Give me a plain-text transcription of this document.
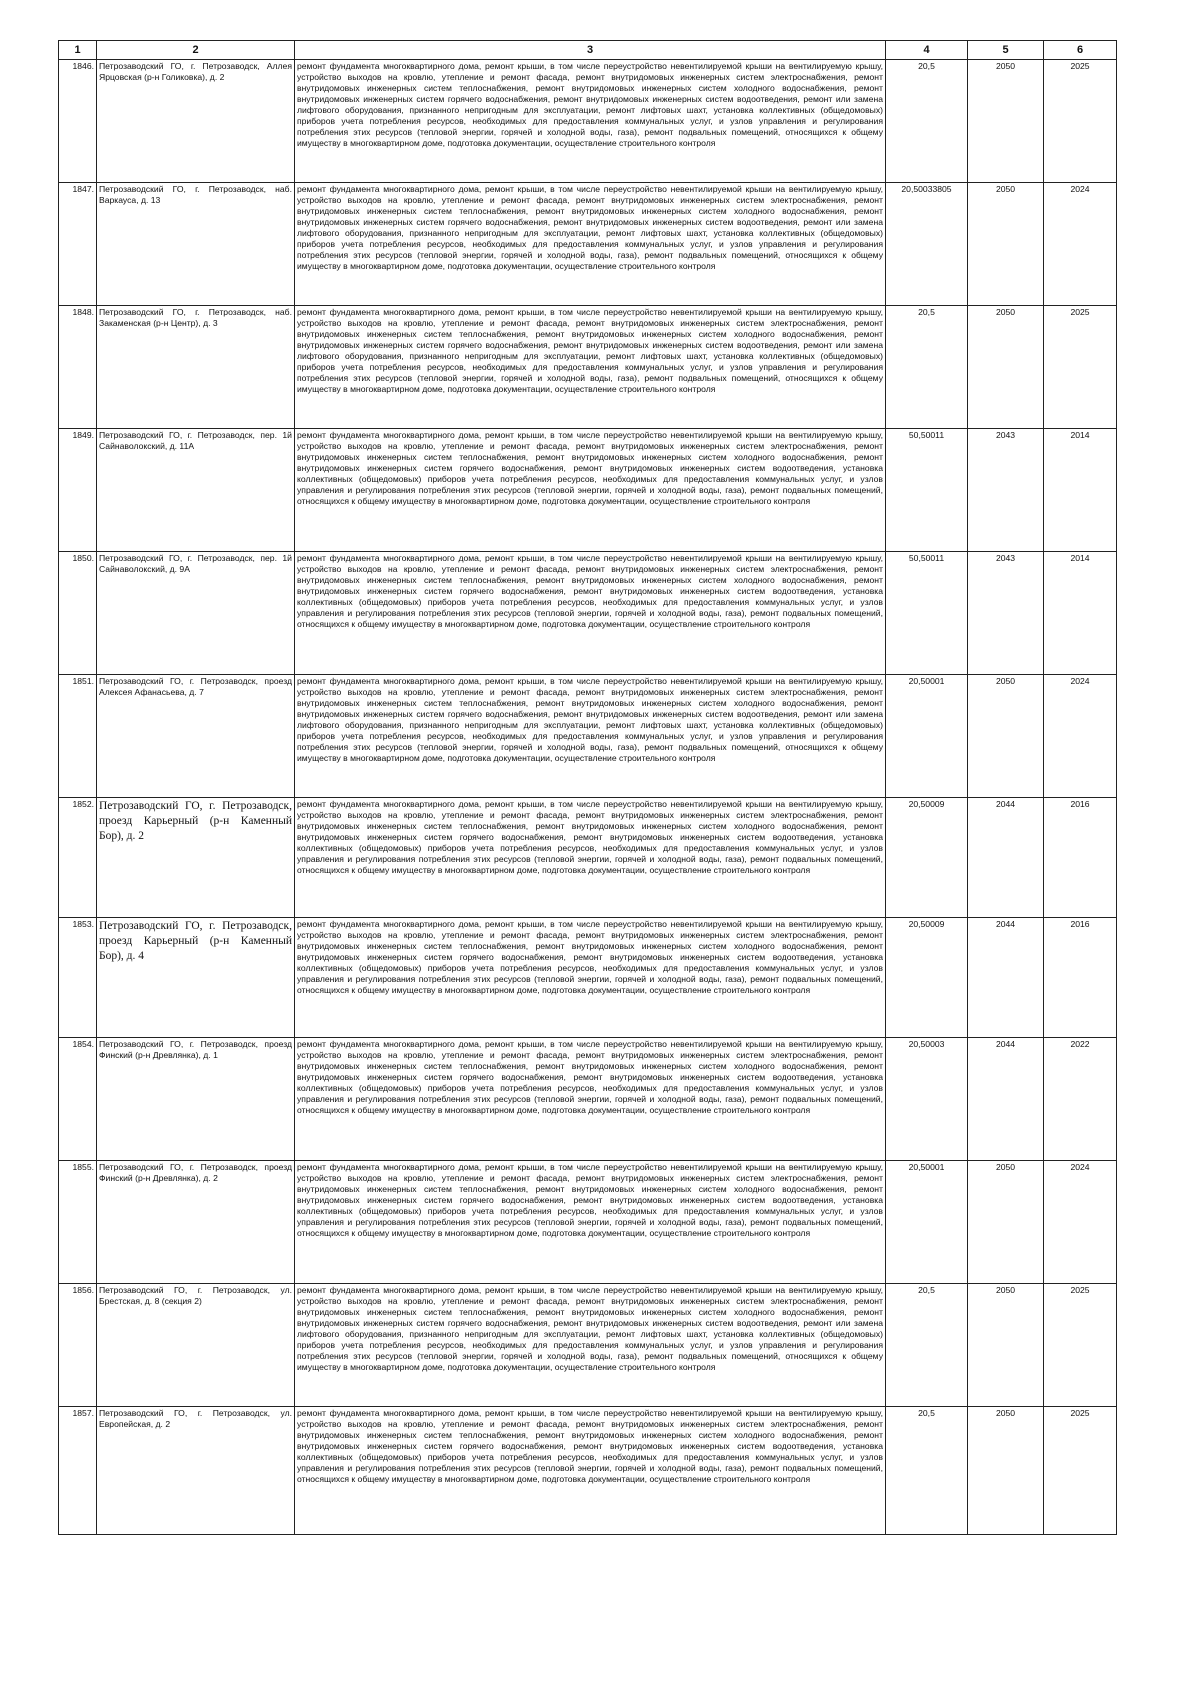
1	2	3	4	5	6
1846.	Петрозаводский ГО, г. Петрозаводск, Аллея Ярцовская (р-н Голиковка), д. 2	ремонт фундамента многоквартирного дома, ремонт крыши, в том числе переустройство невентилируемой крыши на вентилируемую крышу, устройство выходов на кровлю, утепление и ремонт фасада, ремонт внутридомовых инженерных систем электроснабжения, ремонт внутридомовых инженерных систем теплоснабжения, ремонт внутридомовых инженерных систем холодного водоснабжения, ремонт внутридомовых инженерных систем горячего водоснабжения, ремонт внутридомовых инженерных систем водоотведения, ремонт или замена лифтового оборудования, признанного непригодным для эксплуатации, ремонт лифтовых шахт, установка коллективных (общедомовых) приборов учета потребления ресурсов, необходимых для предоставления коммунальных услуг, и узлов управления и регулирования потребления этих ресурсов (тепловой энергии, горячей и холодной воды, газа), ремонт подвальных помещений, относящихся к общему имуществу в многоквартирном доме, подготовка документации, осуществление строительного контроля	20,5	2050	2025
1847.	Петрозаводский ГО, г. Петрозаводск, наб. Варкауса, д. 13	ремонт фундамента многоквартирного дома, ремонт крыши, в том числе переустройство невентилируемой крыши на вентилируемую крышу, устройство выходов на кровлю, утепление и ремонт фасада, ремонт внутридомовых инженерных систем электроснабжения, ремонт внутридомовых инженерных систем теплоснабжения, ремонт внутридомовых инженерных систем холодного водоснабжения, ремонт внутридомовых инженерных систем горячего водоснабжения, ремонт внутридомовых инженерных систем водоотведения, ремонт или замена лифтового оборудования, признанного непригодным для эксплуатации, ремонт лифтовых шахт, установка коллективных (общедомовых) приборов учета потребления ресурсов, необходимых для предоставления коммунальных услуг, и узлов управления и регулирования потребления этих ресурсов (тепловой энергии, горячей и холодной воды, газа), ремонт подвальных помещений, относящихся к общему имуществу в многоквартирном доме, подготовка документации, осуществление строительного контроля	20,50033805	2050	2024
1848.	Петрозаводский ГО, г. Петрозаводск, наб. Закаменская (р-н Центр), д. 3	ремонт фундамента многоквартирного дома, ремонт крыши, в том числе переустройство невентилируемой крыши на вентилируемую крышу, устройство выходов на кровлю, утепление и ремонт фасада, ремонт внутридомовых инженерных систем электроснабжения, ремонт внутридомовых инженерных систем теплоснабжения, ремонт внутридомовых инженерных систем холодного водоснабжения, ремонт внутридомовых инженерных систем горячего водоснабжения, ремонт внутридомовых инженерных систем водоотведения, ремонт или замена лифтового оборудования, признанного непригодным для эксплуатации, ремонт лифтовых шахт, установка коллективных (общедомовых) приборов учета потребления ресурсов, необходимых для предоставления коммунальных услуг, и узлов управления и регулирования потребления этих ресурсов (тепловой энергии, горячей и холодной воды, газа), ремонт подвальных помещений, относящихся к общему имуществу в многоквартирном доме, подготовка документации, осуществление строительного контроля	20,5	2050	2025
1849.	Петрозаводский ГО, г. Петрозаводск, пер. 1й Сайнаволокский, д. 11А	ремонт фундамента многоквартирного дома, ремонт крыши, в том числе переустройство невентилируемой крыши на вентилируемую крышу, устройство выходов на кровлю, утепление и ремонт фасада, ремонт внутридомовых инженерных систем электроснабжения, ремонт внутридомовых инженерных систем теплоснабжения, ремонт внутридомовых инженерных систем холодного водоснабжения, ремонт внутридомовых инженерных систем горячего водоснабжения, ремонт внутридомовых инженерных систем водоотведения, установка коллективных (общедомовых) приборов учета потребления ресурсов, необходимых для предоставления коммунальных услуг, и узлов управления и регулирования потребления этих ресурсов (тепловой энергии, горячей и холодной воды, газа), ремонт подвальных помещений, относящихся к общему имуществу в многоквартирном доме, подготовка документации, осуществление строительного контроля	50,50011	2043	2014
1850.	Петрозаводский ГО, г. Петрозаводск, пер. 1й Сайнаволокский, д. 9А	ремонт фундамента многоквартирного дома, ремонт крыши, в том числе переустройство невентилируемой крыши на вентилируемую крышу, устройство выходов на кровлю, утепление и ремонт фасада, ремонт внутридомовых инженерных систем электроснабжения, ремонт внутридомовых инженерных систем теплоснабжения, ремонт внутридомовых инженерных систем холодного водоснабжения, ремонт внутридомовых инженерных систем горячего водоснабжения, ремонт внутридомовых инженерных систем водоотведения, установка коллективных (общедомовых) приборов учета потребления ресурсов, необходимых для предоставления коммунальных услуг, и узлов управления и регулирования потребления этих ресурсов (тепловой энергии, горячей и холодной воды, газа), ремонт подвальных помещений, относящихся к общему имуществу в многоквартирном доме, подготовка документации, осуществление строительного контроля	50,50011	2043	2014
1851.	Петрозаводский ГО, г. Петрозаводск, проезд Алексея Афанасьева, д. 7	ремонт фундамента многоквартирного дома, ремонт крыши, в том числе переустройство невентилируемой крыши на вентилируемую крышу, устройство выходов на кровлю, утепление и ремонт фасада, ремонт внутридомовых инженерных систем электроснабжения, ремонт внутридомовых инженерных систем теплоснабжения, ремонт внутридомовых инженерных систем холодного водоснабжения, ремонт внутридомовых инженерных систем горячего водоснабжения, ремонт внутридомовых инженерных систем водоотведения, ремонт или замена лифтового оборудования, признанного непригодным для эксплуатации, ремонт лифтовых шахт, установка коллективных (общедомовых) приборов учета потребления ресурсов, необходимых для предоставления коммунальных услуг, и узлов управления и регулирования потребления этих ресурсов (тепловой энергии, горячей и холодной воды, газа), ремонт подвальных помещений, относящихся к общему имуществу в многоквартирном доме, подготовка документации, осуществление строительного контроля	20,50001	2050	2024
1852.	Петрозаводский ГО, г. Петрозаводск, проезд Карьерный (р-н Каменный Бор), д. 2	ремонт фундамента многоквартирного дома, ремонт крыши, в том числе переустройство невентилируемой крыши на вентилируемую крышу, устройство выходов на кровлю, утепление и ремонт фасада, ремонт внутридомовых инженерных систем электроснабжения, ремонт внутридомовых инженерных систем теплоснабжения, ремонт внутридомовых инженерных систем холодного водоснабжения, ремонт внутридомовых инженерных систем горячего водоснабжения, ремонт внутридомовых инженерных систем водоотведения, установка коллективных (общедомовых) приборов учета потребления ресурсов, необходимых для предоставления коммунальных услуг, и узлов управления и регулирования потребления этих ресурсов (тепловой энергии, горячей и холодной воды, газа), ремонт подвальных помещений, относящихся к общему имуществу в многоквартирном доме, подготовка документации, осуществление строительного контроля	20,50009	2044	2016
1853.	Петрозаводский ГО, г. Петрозаводск, проезд Карьерный (р-н Каменный Бор), д. 4	ремонт фундамента многоквартирного дома, ремонт крыши, в том числе переустройство невентилируемой крыши на вентилируемую крышу, устройство выходов на кровлю, утепление и ремонт фасада, ремонт внутридомовых инженерных систем электроснабжения, ремонт внутридомовых инженерных систем теплоснабжения, ремонт внутридомовых инженерных систем холодного водоснабжения, ремонт внутридомовых инженерных систем горячего водоснабжения, ремонт внутридомовых инженерных систем водоотведения, установка коллективных (общедомовых) приборов учета потребления ресурсов, необходимых для предоставления коммунальных услуг, и узлов управления и регулирования потребления этих ресурсов (тепловой энергии, горячей и холодной воды, газа), ремонт подвальных помещений, относящихся к общему имуществу в многоквартирном доме, подготовка документации, осуществление строительного контроля	20,50009	2044	2016
1854.	Петрозаводский ГО, г. Петрозаводск, проезд Финский (р-н Древлянка), д. 1	ремонт фундамента многоквартирного дома, ремонт крыши, в том числе переустройство невентилируемой крыши на вентилируемую крышу, устройство выходов на кровлю, утепление и ремонт фасада, ремонт внутридомовых инженерных систем электроснабжения, ремонт внутридомовых инженерных систем теплоснабжения, ремонт внутридомовых инженерных систем холодного водоснабжения, ремонт внутридомовых инженерных систем горячего водоснабжения, ремонт внутридомовых инженерных систем водоотведения, установка коллективных (общедомовых) приборов учета потребления ресурсов, необходимых для предоставления коммунальных услуг, и узлов управления и регулирования потребления этих ресурсов (тепловой энергии, горячей и холодной воды, газа), ремонт подвальных помещений, относящихся к общему имуществу в многоквартирном доме, подготовка документации, осуществление строительного контроля	20,50003	2044	2022
1855.	Петрозаводский ГО, г. Петрозаводск, проезд Финский (р-н Древлянка), д. 2	ремонт фундамента многоквартирного дома, ремонт крыши, в том числе переустройство невентилируемой крыши на вентилируемую крышу, устройство выходов на кровлю, утепление и ремонт фасада, ремонт внутридомовых инженерных систем электроснабжения, ремонт внутридомовых инженерных систем теплоснабжения, ремонт внутридомовых инженерных систем холодного водоснабжения, ремонт внутридомовых инженерных систем горячего водоснабжения, ремонт внутридомовых инженерных систем водоотведения, установка коллективных (общедомовых) приборов учета потребления ресурсов, необходимых для предоставления коммунальных услуг, и узлов управления и регулирования потребления этих ресурсов (тепловой энергии, горячей и холодной воды, газа), ремонт подвальных помещений, относящихся к общему имуществу в многоквартирном доме, подготовка документации, осуществление строительного контроля	20,50001	2050	2024
1856.	Петрозаводский ГО, г. Петрозаводск, ул. Брестская, д. 8 (секция 2)	ремонт фундамента многоквартирного дома, ремонт крыши, в том числе переустройство невентилируемой крыши на вентилируемую крышу, устройство выходов на кровлю, утепление и ремонт фасада, ремонт внутридомовых инженерных систем электроснабжения, ремонт внутридомовых инженерных систем теплоснабжения, ремонт внутридомовых инженерных систем холодного водоснабжения, ремонт внутридомовых инженерных систем горячего водоснабжения, ремонт внутридомовых инженерных систем водоотведения, ремонт или замена лифтового оборудования, признанного непригодным для эксплуатации, ремонт лифтовых шахт, установка коллективных (общедомовых) приборов учета потребления ресурсов, необходимых для предоставления коммунальных услуг, и узлов управления и регулирования потребления этих ресурсов (тепловой энергии, горячей и холодной воды, газа), ремонт подвальных помещений, относящихся к общему имуществу в многоквартирном доме, подготовка документации, осуществление строительного контроля	20,5	2050	2025
1857.	Петрозаводский ГО, г. Петрозаводск, ул. Европейская, д. 2	ремонт фундамента многоквартирного дома, ремонт крыши, в том числе переустройство невентилируемой крыши на вентилируемую крышу, устройство выходов на кровлю, утепление и ремонт фасада, ремонт внутридомовых инженерных систем электроснабжения, ремонт внутридомовых инженерных систем теплоснабжения, ремонт внутридомовых инженерных систем холодного водоснабжения, ремонт внутридомовых инженерных систем горячего водоснабжения, ремонт внутридомовых инженерных систем водоотведения, установка коллективных (общедомовых) приборов учета потребления ресурсов, необходимых для предоставления коммунальных услуг, и узлов управления и регулирования потребления этих ресурсов (тепловой энергии, горячей и холодной воды, газа), ремонт подвальных помещений, относящихся к общему имуществу в многоквартирном доме, подготовка документации, осуществление строительного контроля	20,5	2050	2025
